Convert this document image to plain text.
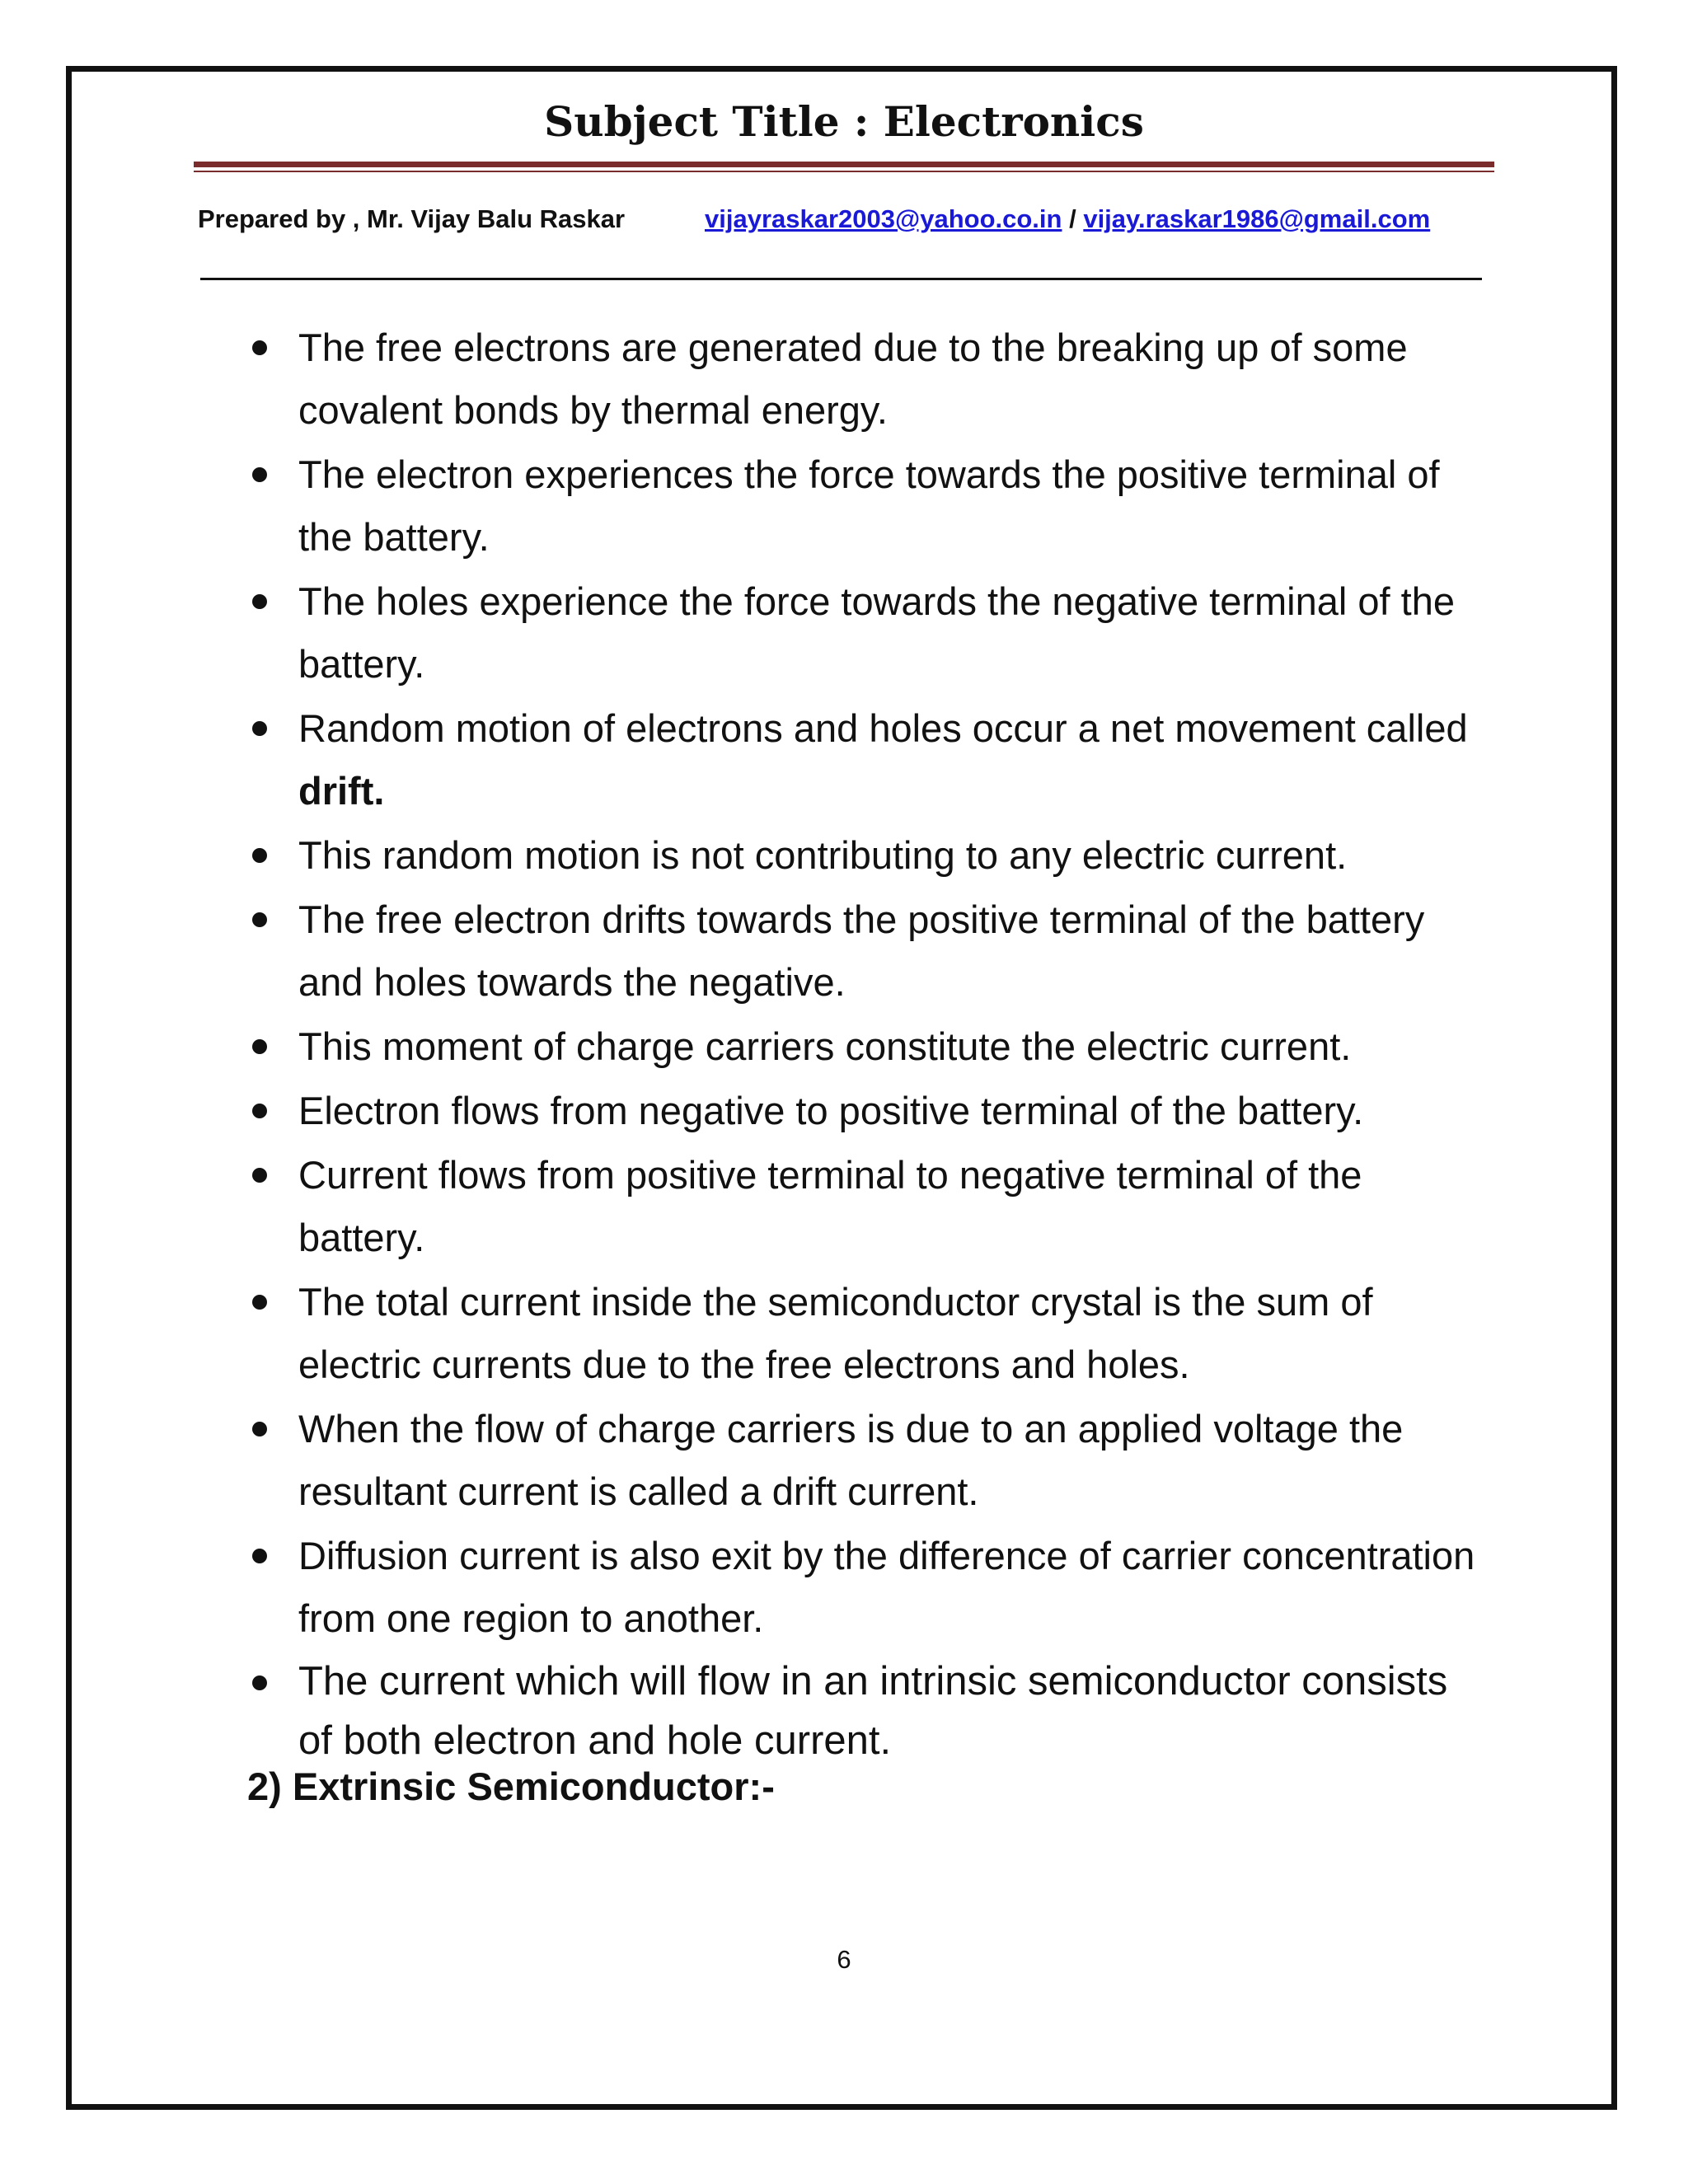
Subject Title : Electronics
Prepared by , Mr. Vijay Balu Raskar	vijayraskar2003@yahoo.co.in / vijay.raskar1986@gmail.com
The free electrons are generated due to the breaking up of some covalent bonds by thermal energy.
The electron experiences the force towards the positive terminal of the battery.
The holes experience the force towards the negative terminal of the battery.
Random motion of electrons and holes occur a net movement called drift.
This random motion is not contributing to any electric current.
The free electron drifts towards the positive terminal of the battery and holes towards the negative.
This moment of charge carriers constitute the electric current.
Electron flows from negative to positive terminal of the battery.
Current flows from positive terminal to negative terminal of the battery.
The total current inside the semiconductor crystal is the sum of electric currents due to the free electrons and holes.
When the flow of charge carriers is due to an applied voltage the resultant current is called a drift current.
Diffusion current is also exit by the difference of carrier concentration from one region to another.
The current which will flow in an intrinsic semiconductor consists of both electron and hole current.
2) Extrinsic Semiconductor:-
6
